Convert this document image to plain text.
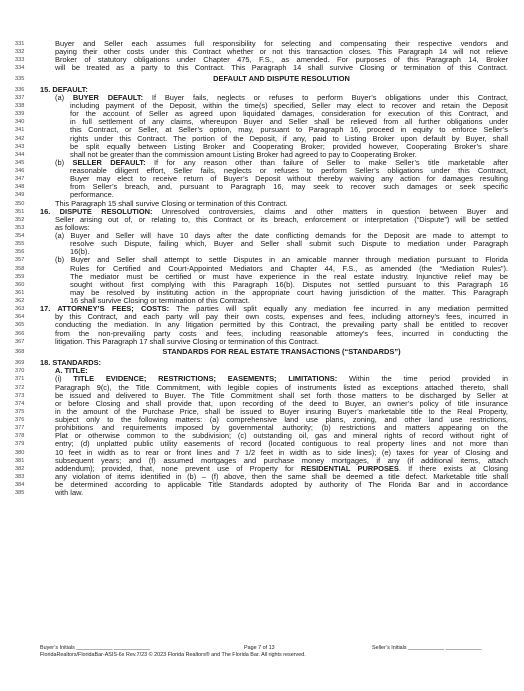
331	Buyer and Seller each assumes full responsibility for selecting and compensating their respective vendors and
332	paying their other costs under this Contract whether or not this transaction closes. This Paragraph 14 will not relieve
333	Broker of statutory obligations under Chapter 475, F.S., as amended. For purposes of this Paragraph 14, Broker
334	will be treated as a party to this Contract. This Paragraph 14 shall survive Closing or termination of this Contract.
335	DEFAULT AND DISPUTE RESOLUTION
336	15. DEFAULT:
337	(a) BUYER DEFAULT: If Buyer fails, neglects or refuses to perform Buyer’s obligations under this Contract,
338	including payment of the Deposit, within the time(s) specified, Seller may elect to recover and retain the Deposit
339	for the account of Seller as agreed upon liquidated damages, consideration for execution of this Contract, and
340	in full settlement of any claims, whereupon Buyer and Seller shall be relieved from all further obligations under
341	this Contract, or Seller, at Seller’s option, may, pursuant to Paragraph 16, proceed in equity to enforce Seller’s
342	rights under this Contract. The portion of the Deposit, if any, paid to Listing Broker upon default by Buyer, shall
343	be split equally between Listing Broker and Cooperating Broker; provided however, Cooperating Broker’s share
344	shall not be greater than the commission amount Listing Broker had agreed to pay to Cooperating Broker.
345	(b) SELLER DEFAULT: If for any reason other than failure of Seller to make Seller’s title marketable after
346	reasonable diligent effort, Seller fails, neglects or refuses to perform Seller’s obligations under this Contract,
347	Buyer may elect to receive return of Buyer’s Deposit without thereby waiving any action for damages resulting
348	from Seller’s breach, and, pursuant to Paragraph 16, may seek to recover such damages or seek specific
349	performance.
350	This Paragraph 15 shall survive Closing or termination of this Contract.
351	16. DISPUTE RESOLUTION: Unresolved controversies, claims and other matters in question between Buyer and
352	Seller arising out of, or relating to, this Contract or its breach, enforcement or interpretation (“Dispute”) will be settled
353	as follows:
354	(a) Buyer and Seller will have 10 days after the date conflicting demands for the Deposit are made to attempt to
355	resolve such Dispute, failing which, Buyer and Seller shall submit such Dispute to mediation under Paragraph
356	16(b).
357	(b) Buyer and Seller shall attempt to settle Disputes in an amicable manner through mediation pursuant to Florida
358	Rules for Certified and Court-Appointed Mediators and Chapter 44, F.S., as amended (the “Mediation Rules”).
359	The mediator must be certified or must have experience in the real estate industry. Injunctive relief may be
360	sought without first complying with this Paragraph 16(b). Disputes not settled pursuant to this Paragraph 16
361	may be resolved by instituting action in the appropriate court having jurisdiction of the matter. This Paragraph
362	16 shall survive Closing or termination of this Contract.
363	17. ATTORNEY’S FEES; COSTS: The parties will split equally any mediation fee incurred in any mediation permitted
364	by this Contract, and each party will pay their own costs, expenses and fees, including attorney’s fees, incurred in
365	conducting the mediation. In any litigation permitted by this Contract, the prevailing party shall be entitled to recover
366	from the non-prevailing party costs and fees, including reasonable attorney’s fees, incurred in conducting the
367	litigation. This Paragraph 17 shall survive Closing or termination of this Contract.
368	STANDARDS FOR REAL ESTATE TRANSACTIONS (“STANDARDS”)
369	18. STANDARDS:
370	A. TITLE:
371	(i) TITLE EVIDENCE; RESTRICTIONS; EASEMENTS; LIMITATIONS: Within the time period provided in
372	Paragraph 9(c), the Title Commitment, with legible copies of instruments listed as exceptions attached thereto, shall
373	be issued and delivered to Buyer. The Title Commitment shall set forth those matters to be discharged by Seller at
374	or before Closing and shall provide that, upon recording of the deed to Buyer, an owner’s policy of title insurance
375	in the amount of the Purchase Price, shall be issued to Buyer insuring Buyer’s marketable title to the Real Property,
376	subject only to the following matters: (a) comprehensive land use plans, zoning, and other land use restrictions,
377	prohibitions and requirements imposed by governmental authority; (b) restrictions and matters appearing on the
378	Plat or otherwise common to the subdivision; (c) outstanding oil, gas and mineral rights of record without right of
379	entry; (d) unplatted public utility easements of record (located contiguous to real property lines and not more than
380	10 feet in width as to rear or front lines and 7 1/2 feet in width as to side lines); (e) taxes for year of Closing and
381	subsequent years; and (f) assumed mortgages and purchase money mortgages, if any (if additional items, attach
382	addendum); provided, that, none prevent use of Property for RESIDENTIAL PURPOSES. If there exists at Closing
383	any violation of items identified in (b) – (f) above, then the same shall be deemed a title defect. Marketable title shall
384	be determined according to applicable Title Standards adopted by authority of The Florida Bar and in accordance
385	with law.
Buyer’s Initials ____________ ____________	Page 7 of 13	Seller’s Initials ____________ ____________
FloridaRealtors/FloridaBar-ASIS-6x Rev.7/23 © 2023 Florida Realtors® and The Florida Bar. All rights reserved.
